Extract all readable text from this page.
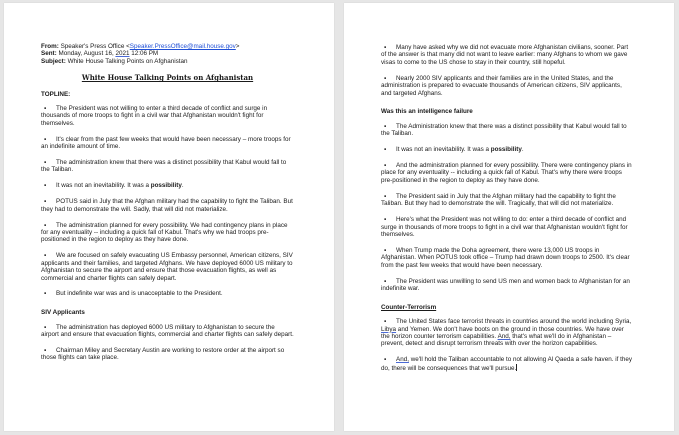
From: Speaker's Press Office <Speaker.PressOffice@mail.house.gov>
Sent: Monday, August 16, 2021 12:06 PM
Subject: White House Talking Points on Afghanistan
White House Talking Points on Afghanistan
TOPLINE:
▪ The President was not willing to enter a third decade of conflict and surge in thousands of more troops to fight in a civil war that Afghanistan wouldn't fight for themselves.
▪ It's clear from the past few weeks that would have been necessary – more troops for an indefinite amount of time.
▪ The administration knew that there was a distinct possibility that Kabul would fall to the Taliban.
▪ It was not an inevitability. It was a possibility.
▪ POTUS said in July that the Afghan military had the capability to fight the Taliban. But they had to demonstrate the will. Sadly, that will did not materialize.
▪ The administration planned for every possibility. We had contingency plans in place for any eventuality -- including a quick fall of Kabul. That's why we had troops pre-positioned in the region to deploy as they have done.
▪ We are focused on safely evacuating US Embassy personnel, American citizens, SIV applicants and their families, and targeted Afghans. We have deployed 6000 US military to Afghanistan to secure the airport and ensure that those evacuation flights, as well as commercial and charter flights can safely depart.
▪ But indefinite war was and is unacceptable to the President.
SIV Applicants
▪ The administration has deployed 6000 US military to Afghanistan to secure the airport and ensure that evacuation flights, commercial and charter flights can safely depart.
▪ Chairman Miley and Secretary Austin are working to restore order at the airport so those flights can take place.
▪ Many have asked why we did not evacuate more Afghanistan civilians, sooner. Part of the answer is that many did not want to leave earlier: many Afghans to whom we gave visas to come to the US chose to stay in their country, still hopeful.
▪ Nearly 2000 SIV applicants and their families are in the United States, and the administration is prepared to evacuate thousands of American citizens, SIV applicants, and targeted Afghans.
Was this an intelligence failure
▪ The Administration knew that there was a distinct possibility that Kabul would fall to the Taliban.
▪ It was not an inevitability. It was a possibility.
▪ And the administration planned for every possibility. There were contingency plans in place for any eventuality -- including a quick fall of Kabul. That's why there were troops pre-positioned in the region to deploy as they have done.
▪ The President said in July that the Afghan military had the capability to fight the Taliban. But they had to demonstrate the will. Tragically, that will did not materialize.
▪ Here's what the President was not willing to do: enter a third decade of conflict and surge in thousands of more troops to fight in a civil war that Afghanistan wouldn't fight for themselves.
▪ When Trump made the Doha agreement, there were 13,000 US troops in Afghanistan. When POTUS took office – Trump had drawn down troops to 2500. It's clear from the past few weeks that would have been necessary.
▪ The President was unwilling to send US men and women back to Afghanistan for an indefinite war.
Counter-Terrorism
▪ The United States face terrorist threats in countries around the world including Syria, Libya and Yemen. We don't have boots on the ground in those countries. We have over the horizon counter terrorism capabilities. And, that's what we'll do in Afghanistan – prevent, detect and disrupt terrorism threats with over the horizon capabilities.
▪ And, we'll hold the Taliban accountable to not allowing Al Qaeda a safe haven. if they do, there will be consequences that we'll pursue.
